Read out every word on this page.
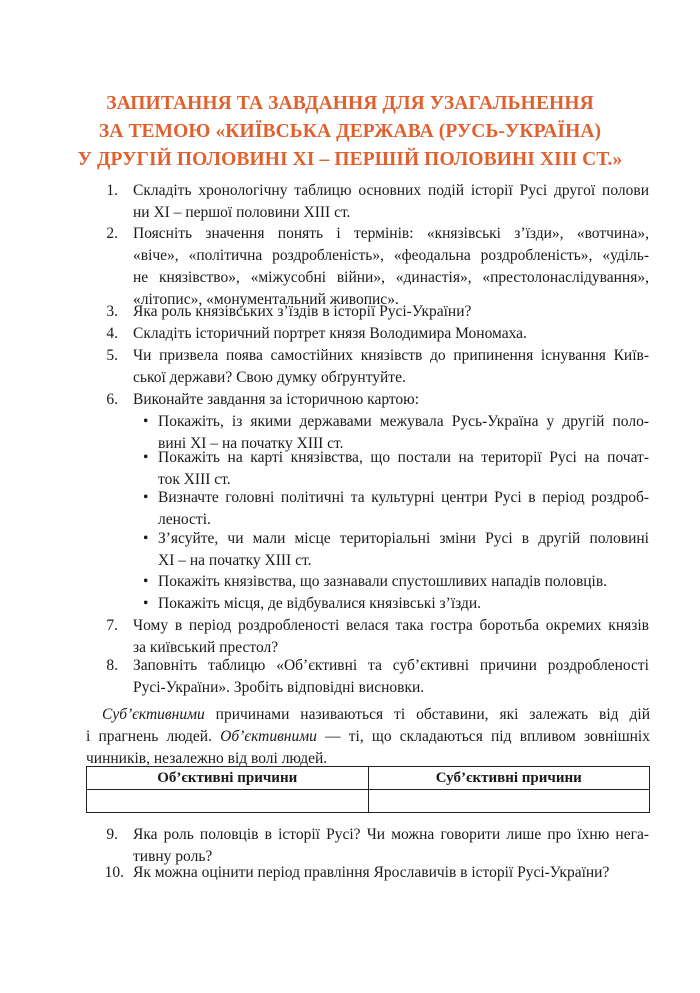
ЗАПИТАННЯ ТА ЗАВДАННЯ ДЛЯ УЗАГАЛЬНЕННЯ
ЗА ТЕМОЮ «КИЇВСЬКА ДЕРЖАВА (РУСЬ-УКРАЇНА)
У ДРУГІЙ ПОЛОВИНІ ХІ – ПЕРШІЙ ПОЛОВИНІ ХІІІ СТ.»
1. Складіть хронологічну таблицю основних подій історії Русі другої полови
ни ХІ – першої половини ХІІІ ст.
2. Поясніть значення понять і термінів: «князівські з’їзди», «вотчина»,
«віче», «політична роздробленість», «феодальна роздробленість», «уділь-
не князівство», «міжусобні війни», «династія», «престолонаслідування»,
«літопис», «монументальний живопис».
3. Яка роль князівських з’їздів в історії Русі-України?
4. Складіть історичний портрет князя Володимира Мономаха.
5. Чи призвела поява самостійних князівств до припинення існування Київ-
ської держави? Свою думку обґрунтуйте.
6. Виконайте завдання за історичною картою:
• Покажіть, із якими державами межувала Русь-Україна у другій поло-
вині ХІ – на початку ХІІІ ст.
• Покажіть на карті князівства, що постали на території Русі на почат-
ток ХІІІ ст.
• Визначте головні політичні та культурні центри Русі в період роздроб-
леності.
• З’ясуйте, чи мали місце територіальні зміни Русі в другій половині
ХІ – на початку ХІІІ ст.
• Покажіть князівства, що зазнавали спустошливих нападів половців.
• Покажіть місця, де відбувалися князівські з’їзди.
7. Чому в період роздробленості велася така гостра боротьба окремих князів
за київський престол?
8. Заповніть таблицю «Об’єктивні та суб’єктивні причини роздробленості
Русі-України». Зробіть відповідні висновки.
Суб’єктивними причинами називаються ті обставини, які залежать від дій
і прагнень людей. Об’єктивними — ті, що складаються під впливом зовнішніх
чинників, незалежно від волі людей.
Об’єктивні причини	Суб’єктивні причини

9. Яка роль половців в історії Русі? Чи можна говорити лише про їхню нега-
тивну роль?
10. Як можна оцінити період правління Ярославичів в історії Русі-України?
